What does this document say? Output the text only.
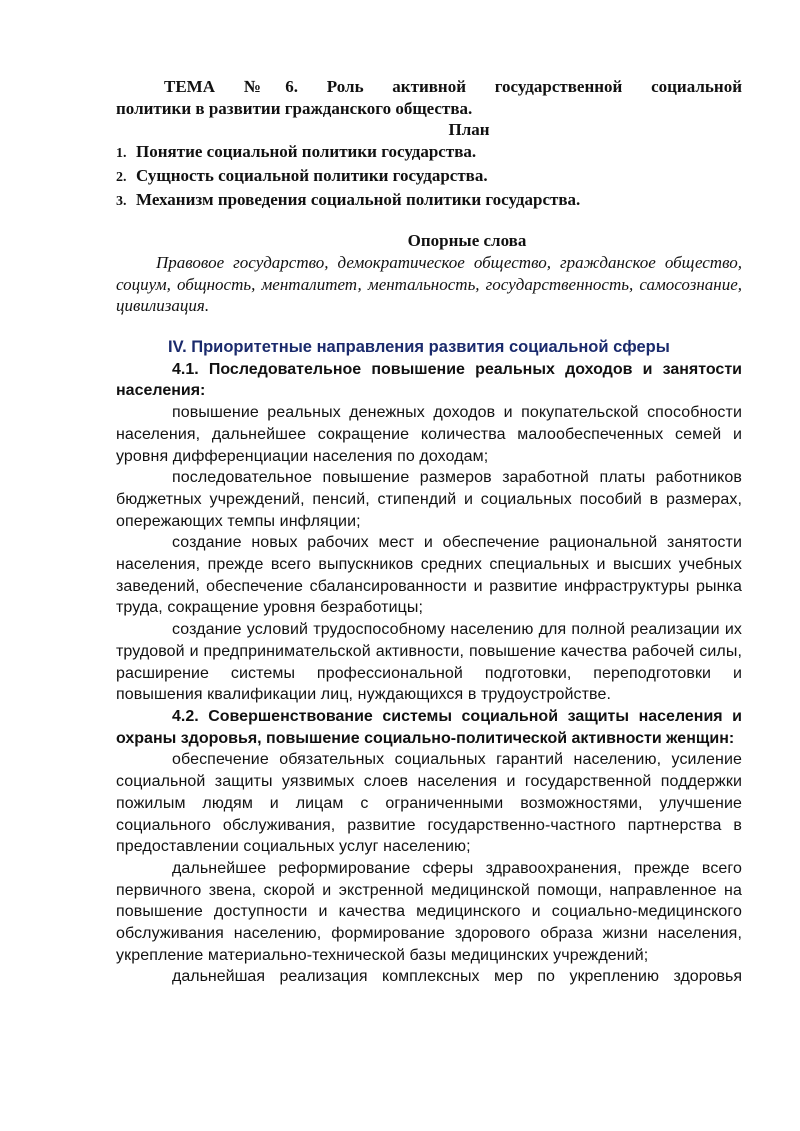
ТЕМА №6. Роль активной государственной социальной
политики в развитии гражданского общества.

План

1. Понятие социальной политики государства.
2. Сущность социальной политики государства.
3. Механизм проведения социальной политики государства.

Опорные слова

Правовое государство, демократическое общество, гражданское общество, социум, общность, менталитет, ментальность, государственность, самосознание, цивилизация.

IV. Приоритетные направления развития социальной сферы

4.1. Последовательное повышение реальных доходов и занятости населения:

повышение реальных денежных доходов и покупательской способности населения, дальнейшее сокращение количества малообеспеченных семей и уровня дифференциации населения по доходам;

последовательное повышение размеров заработной платы работников бюджетных учреждений, пенсий, стипендий и социальных пособий в размерах, опережающих темпы инфляции;

создание новых рабочих мест и обеспечение рациональной занятости населения, прежде всего выпускников средних специальных и высших учебных заведений, обеспечение сбалансированности и развитие инфраструктуры рынка труда, сокращение уровня безработицы;

создание условий трудоспособному населению для полной реализации их трудовой и предпринимательской активности, повышение качества рабочей силы, расширение системы профессиональной подготовки, переподготовки и повышения квалификации лиц, нуждающихся в трудоустройстве.

4.2. Совершенствование системы социальной защиты населения и охраны здоровья, повышение социально-политической активности женщин:

обеспечение обязательных социальных гарантий населению, усиление социальной защиты уязвимых слоев населения и государственной поддержки пожилым людям и лицам с ограниченными возможностями, улучшение социального обслуживания, развитие государственно-частного партнерства в предоставлении социальных услуг населению;

дальнейшее реформирование сферы здравоохранения, прежде всего первичного звена, скорой и экстренной медицинской помощи, направленное на повышение доступности и качества медицинского и социально-медицинского обслуживания населению, формирование здорового образа жизни населения, укрепление материально-технической базы медицинских учреждений;

дальнейшая реализация комплексных мер по укреплению здоровья
